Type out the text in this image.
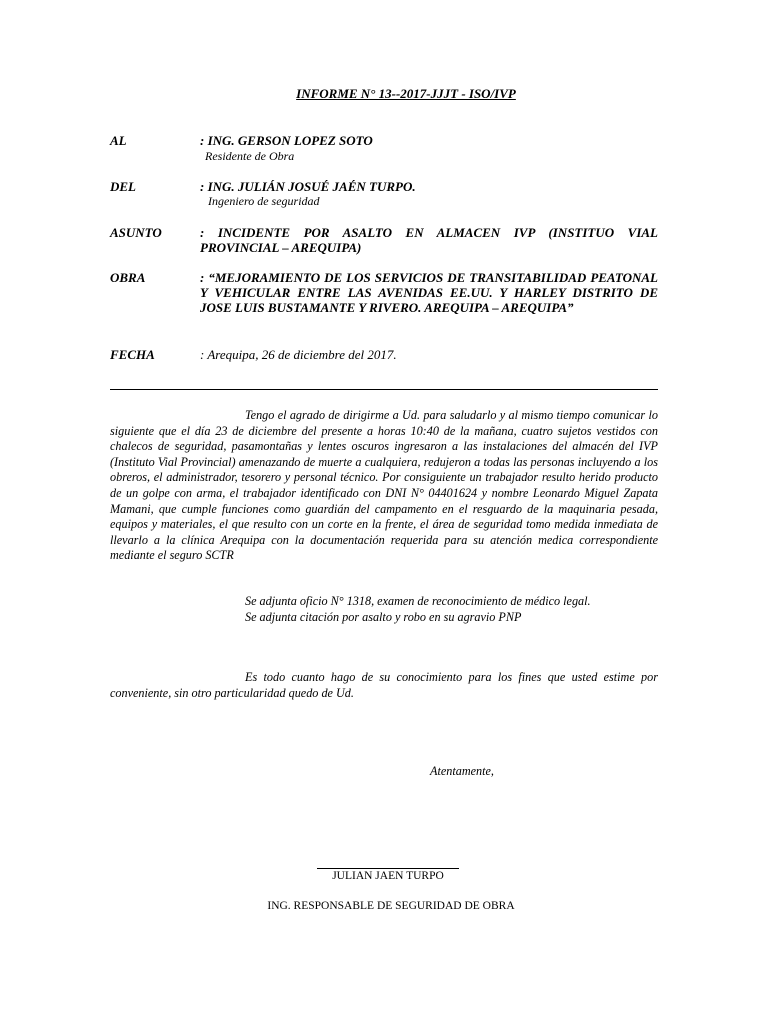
INFORME N° 13--2017-JJJT - ISO/IVP
AL	: ING. GERSON LOPEZ SOTO
Residente de Obra
DEL	: ING. JULIÁN JOSUÉ JAÉN TURPO.
Ingeniero de seguridad
ASUNTO	: INCIDENTE POR ASALTO EN ALMACEN IVP (INSTITUO VIAL PROVINCIAL – AREQUIPA)
OBRA	: “MEJORAMIENTO DE LOS SERVICIOS DE TRANSITABILIDAD PEATONAL Y VEHICULAR ENTRE LAS AVENIDAS EE.UU. Y HARLEY DISTRITO DE JOSE LUIS BUSTAMANTE Y RIVERO. AREQUIPA – AREQUIPA”
FECHA	: Arequipa, 26 de diciembre del 2017.
Tengo el agrado de dirigirme a Ud. para saludarlo y al mismo tiempo comunicar lo siguiente que el día 23 de diciembre del presente a horas 10:40 de la mañana, cuatro sujetos vestidos con chalecos de seguridad, pasamontañas y lentes oscuros ingresaron a las instalaciones del almacén del IVP (Instituto Vial Provincial) amenazando de muerte a cualquiera, redujeron a todas las personas incluyendo a los obreros, el administrador, tesorero y personal técnico. Por consiguiente un trabajador resulto herido producto de un golpe con arma, el trabajador identificado con DNI N° 04401624 y nombre Leonardo Miguel Zapata Mamani, que cumple funciones como guardián del campamento en el resguardo de la maquinaria pesada, equipos y materiales, el que resulto con un corte en la frente, el área de seguridad tomo medida inmediata de llevarlo a la clínica Arequipa con la documentación requerida para su atención medica correspondiente mediante el seguro SCTR
Se adjunta oficio N° 1318, examen de reconocimiento de médico legal.
Se adjunta citación por asalto y robo en su agravio PNP
Es todo cuanto hago de su conocimiento para los fines que usted estime por conveniente, sin otro particularidad quedo de Ud.
Atentamente,
JULIAN JAEN TURPO
ING. RESPONSABLE DE SEGURIDAD DE OBRA
